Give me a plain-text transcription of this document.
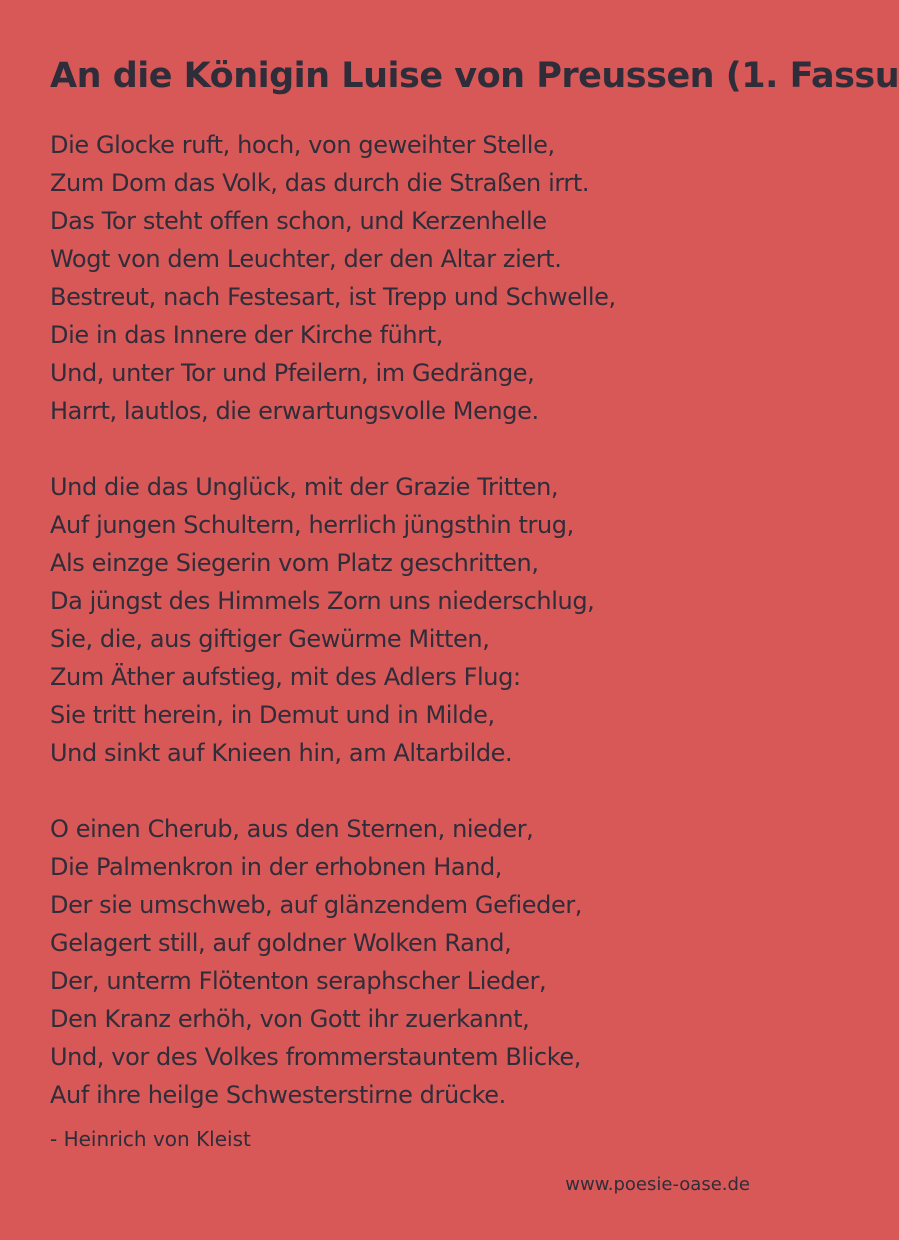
An die Königin Luise von Preussen (1. Fassu
Die Glocke ruft, hoch, von geweihter Stelle,
Zum Dom das Volk, das durch die Straßen irrt.
Das Tor steht offen schon, und Kerzenhelle
Wogt von dem Leuchter, der den Altar ziert.
Bestreut, nach Festesart, ist Trepp und Schwelle,
Die in das Innere der Kirche führt,
Und, unter Tor und Pfeilern, im Gedränge,
Harrt, lautlos, die erwartungsvolle Menge.
Und die das Unglück, mit der Grazie Tritten,
Auf jungen Schultern, herrlich jüngsthin trug,
Als einzge Siegerin vom Platz geschritten,
Da jüngst des Himmels Zorn uns niederschlug,
Sie, die, aus giftiger Gewürme Mitten,
Zum Äther aufstieg, mit des Adlers Flug:
Sie tritt herein, in Demut und in Milde,
Und sinkt auf Knieen hin, am Altarbilde.
O einen Cherub, aus den Sternen, nieder,
Die Palmenkron in der erhobnen Hand,
Der sie umschweb, auf glänzendem Gefieder,
Gelagert still, auf goldner Wolken Rand,
Der, unterm Flötenton seraphscher Lieder,
Den Kranz erhöh, von Gott ihr zuerkannt,
Und, vor des Volkes frommerstauntem Blicke,
Auf ihre heilge Schwesterstirne drücke.
- Heinrich von Kleist
www.poesie-oase.de
